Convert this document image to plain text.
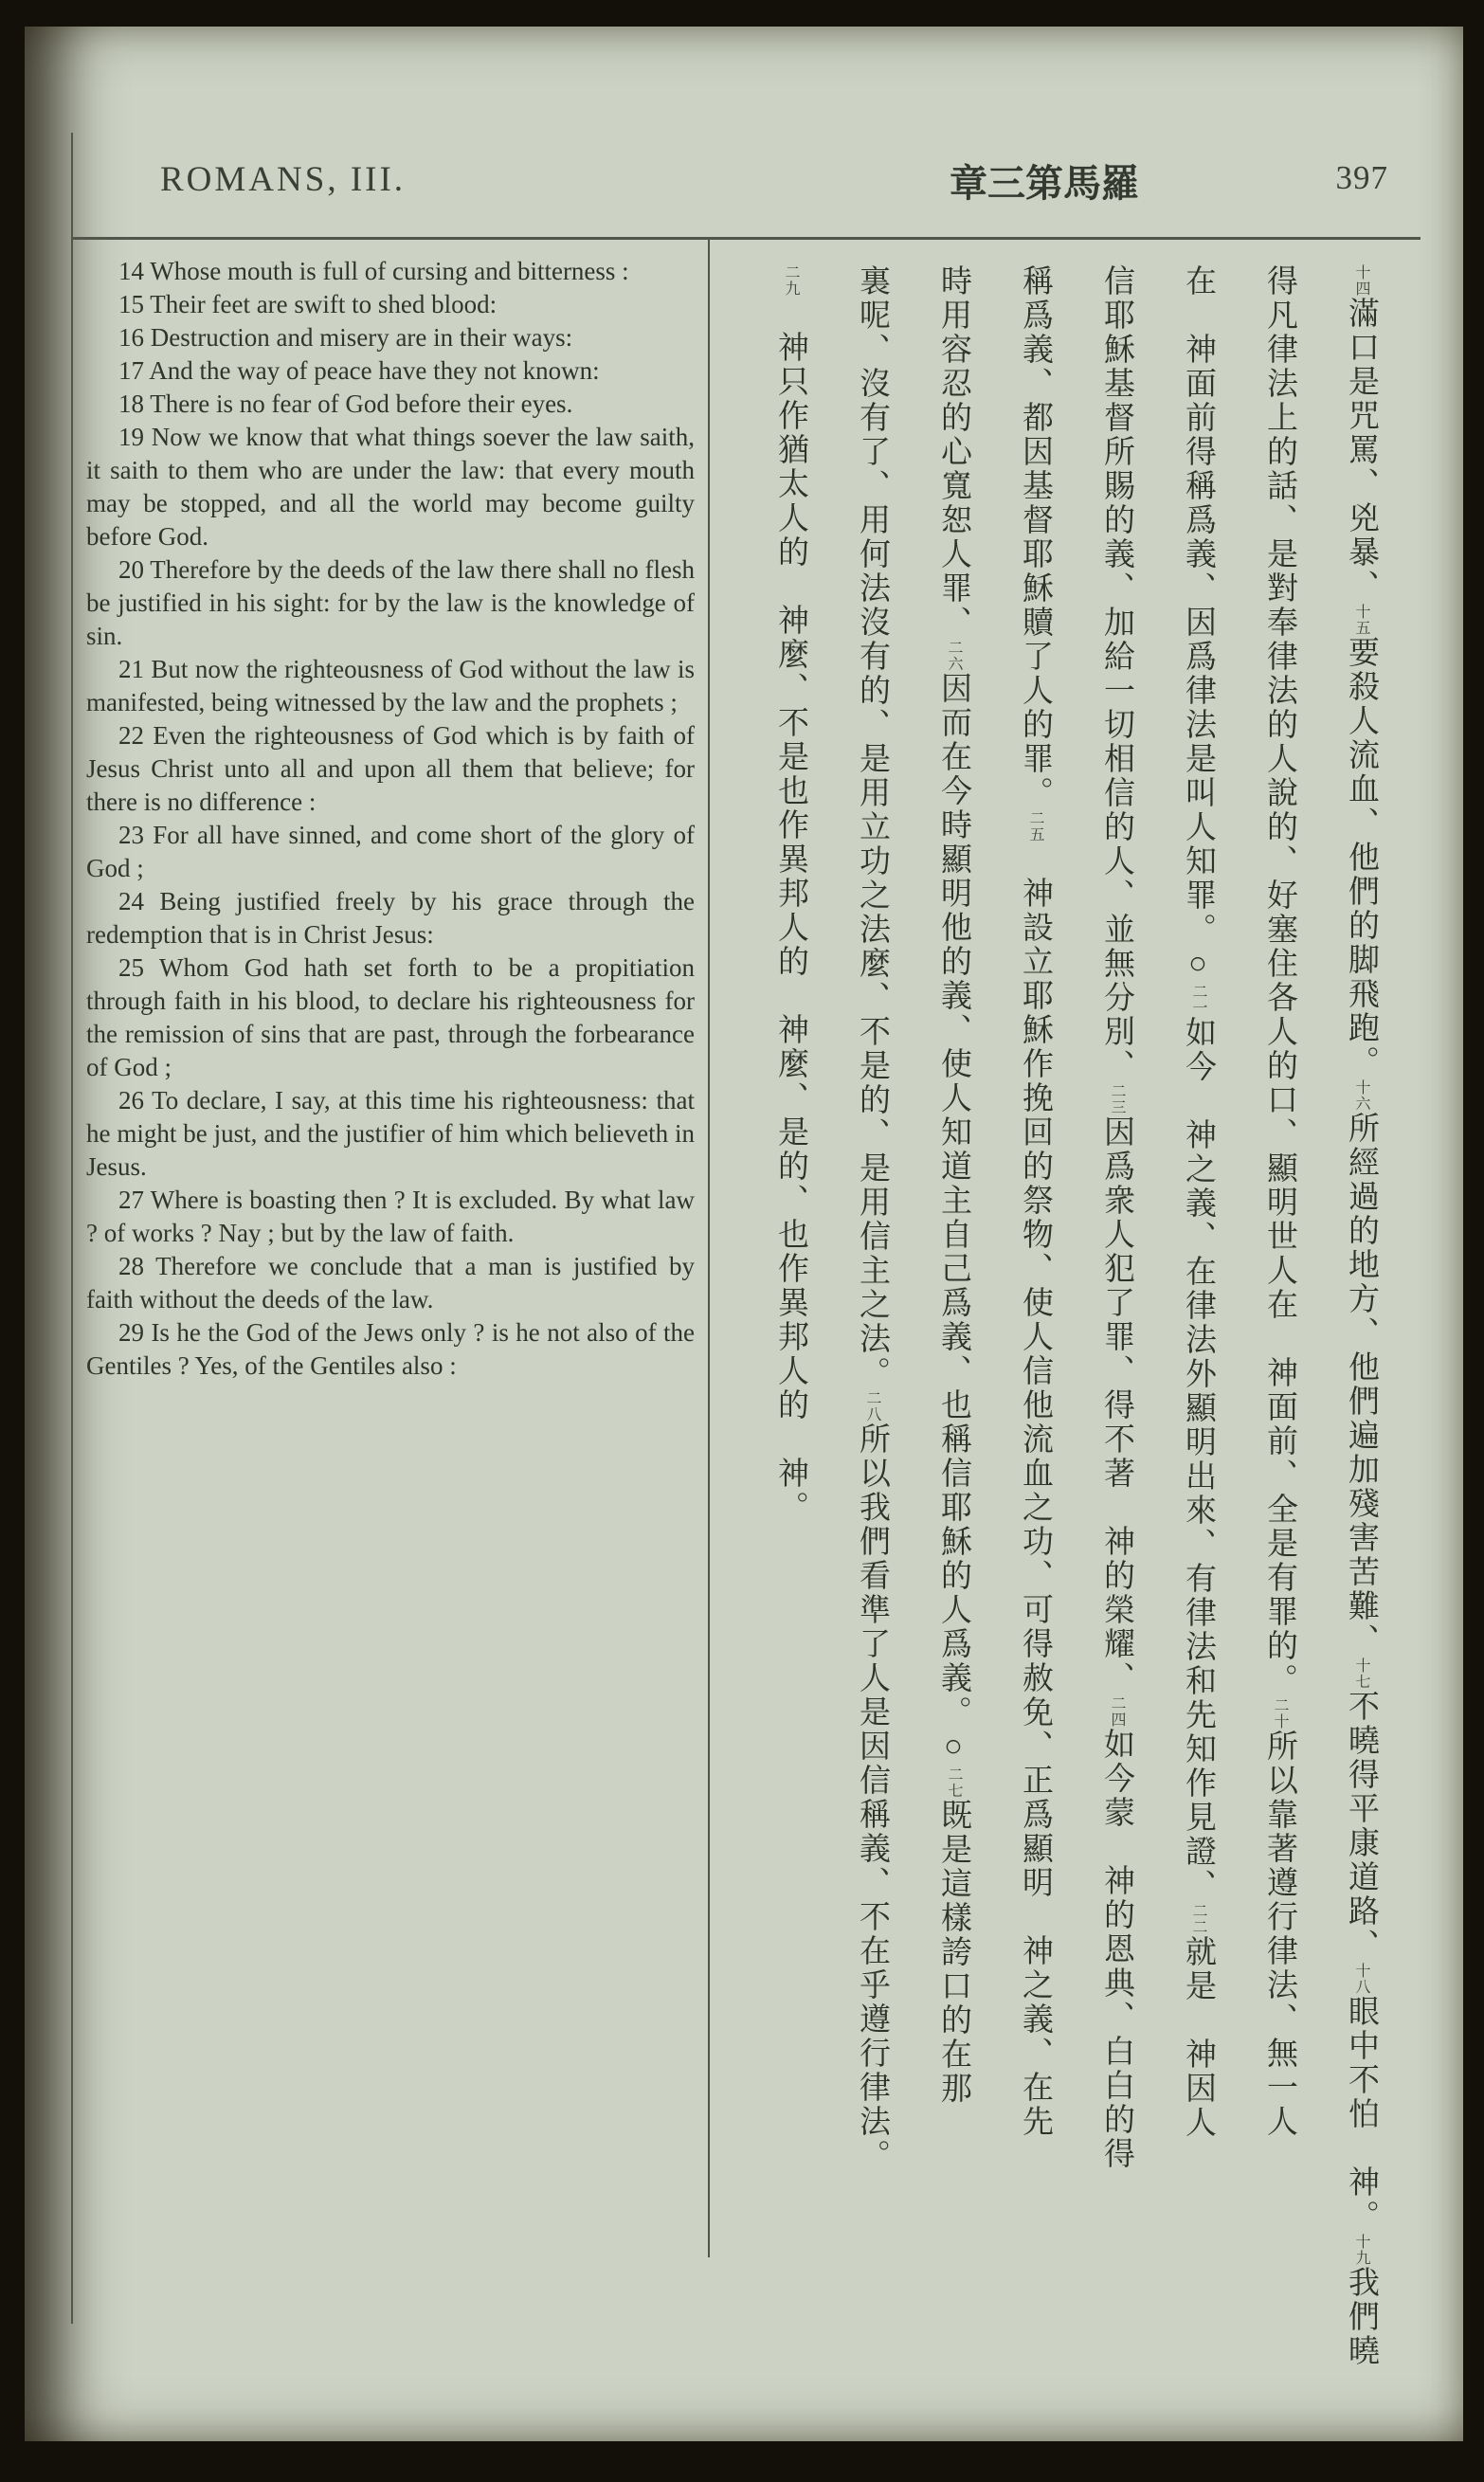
ROMANS, III.	章三第馬羅	397

14 Whose mouth is full of cursing and bitterness :

15 Their feet are swift to shed blood:

16 Destruction and misery are in their ways:

17 And the way of peace have they not known:

18 There is no fear of God before their eyes.

19 Now we know that what things soever the law saith, it saith to them who are under the law: that every mouth may be stopped, and all the world may become guilty before God.

20 Therefore by the deeds of the law there shall no flesh be justified in his sight: for by the law is the knowledge of sin.

21 But now the righteousness of God without the law is manifested, being witnessed by the law and the prophets ;

22 Even the righteousness of God which is by faith of Jesus Christ unto all and upon all them that believe; for there is no difference :

23 For all have sinned, and come short of the glory of God ;

24 Being justified freely by his grace through the redemption that is in Christ Jesus:

25 Whom God hath set forth to be a propitiation through faith in his blood, to declare his righteousness for the remission of sins that are past, through the forbearance of God ;

26 To declare, I say, at this time his righteousness: that he might be just, and the justifier of him which believeth in Jesus.

27 Where is boasting then ? It is excluded. By what law ? of works ? Nay ; but by the law of faith.

28 Therefore we conclude that a man is justified by faith without the deeds of the law.

29 Is he the God of the Jews only ? is he not also of the Gentiles ? Yes, of the Gentiles also :

十四滿口是咒罵、兇暴、十五要殺人流血、他們的脚飛跑。十六所經過的地方、他們遍加殘害苦難、十七不曉得平康道路、十八眼中不怕　神。十九我們曉
得凡律法上的話、是對奉律法的人說的、好塞住各人的口、顯明世人在　神面前、全是有罪的。二十所以靠著遵行律法、無一人
在　神面前得稱爲義、因爲律法是叫人知罪。○二一如今　神之義、在律法外顯明出來、有律法和先知作見證、二二就是　神因人
信耶穌基督所賜的義、加給一切相信的人、並無分別、二三因爲衆人犯了罪、得不著　神的榮耀、二四如今蒙　神的恩典、白白的得
稱爲義、都因基督耶穌贖了人的罪。二五　神設立耶穌作挽回的祭物、使人信他流血之功、可得赦免、正爲顯明　神之義、在先
時用容忍的心寬恕人罪、二六因而在今時顯明他的義、使人知道主自己爲義、也稱信耶穌的人爲義。○二七既是這樣誇口的在那
裏呢、沒有了、用何法沒有的、是用立功之法麼、不是的、是用信主之法。二八所以我們看準了人是因信稱義、不在乎遵行律法。
二九　神只作猶太人的　神麼、不是也作異邦人的　神麼、是的、也作異邦人的　神。
